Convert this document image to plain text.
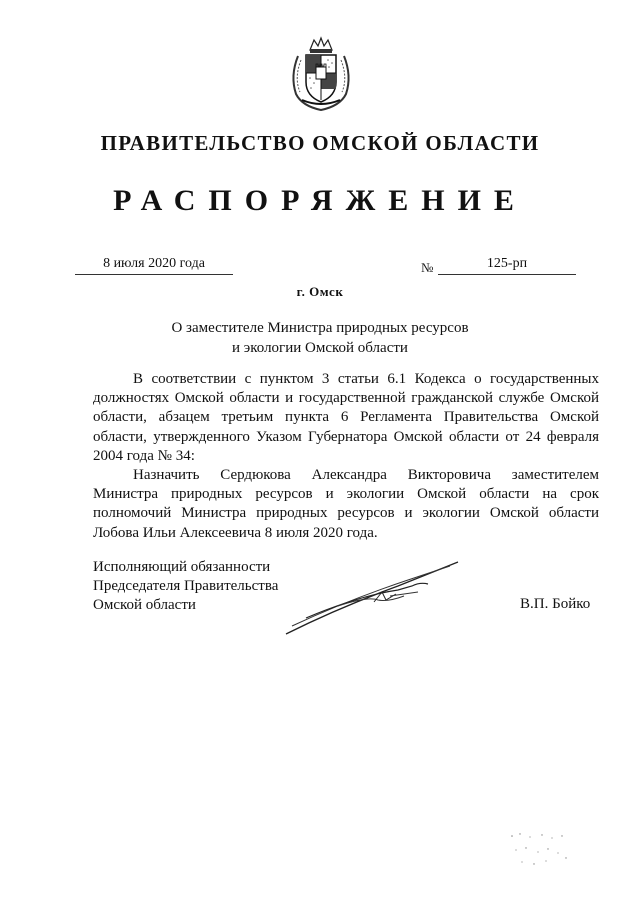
ПРАВИТЕЛЬСТВО ОМСКОЙ ОБЛАСТИ
РАСПОРЯЖЕНИЕ
8 июля 2020 года	№	125-рп
г. Омск
О заместителе Министра природных ресурсов
и экологии Омской области

В соответствии с пунктом 3 статьи 6.1 Кодекса о государственных должностях Омской области и государственной гражданской службе Омской области, абзацем третьим пункта 6 Регламента Правительства Омской области, утвержденного Указом Губернатора Омской области от 24 февраля 2004 года № 34:

Назначить Сердюкова Александра Викторовича заместителем Министра природных ресурсов и экологии Омской области на срок полномочий Министра природных ресурсов и экологии Омской области Лобова Ильи Алексеевича 8 июля 2020 года.

Исполняющий обязанности
Председателя Правительства
Омской области	В.П. Бойко
